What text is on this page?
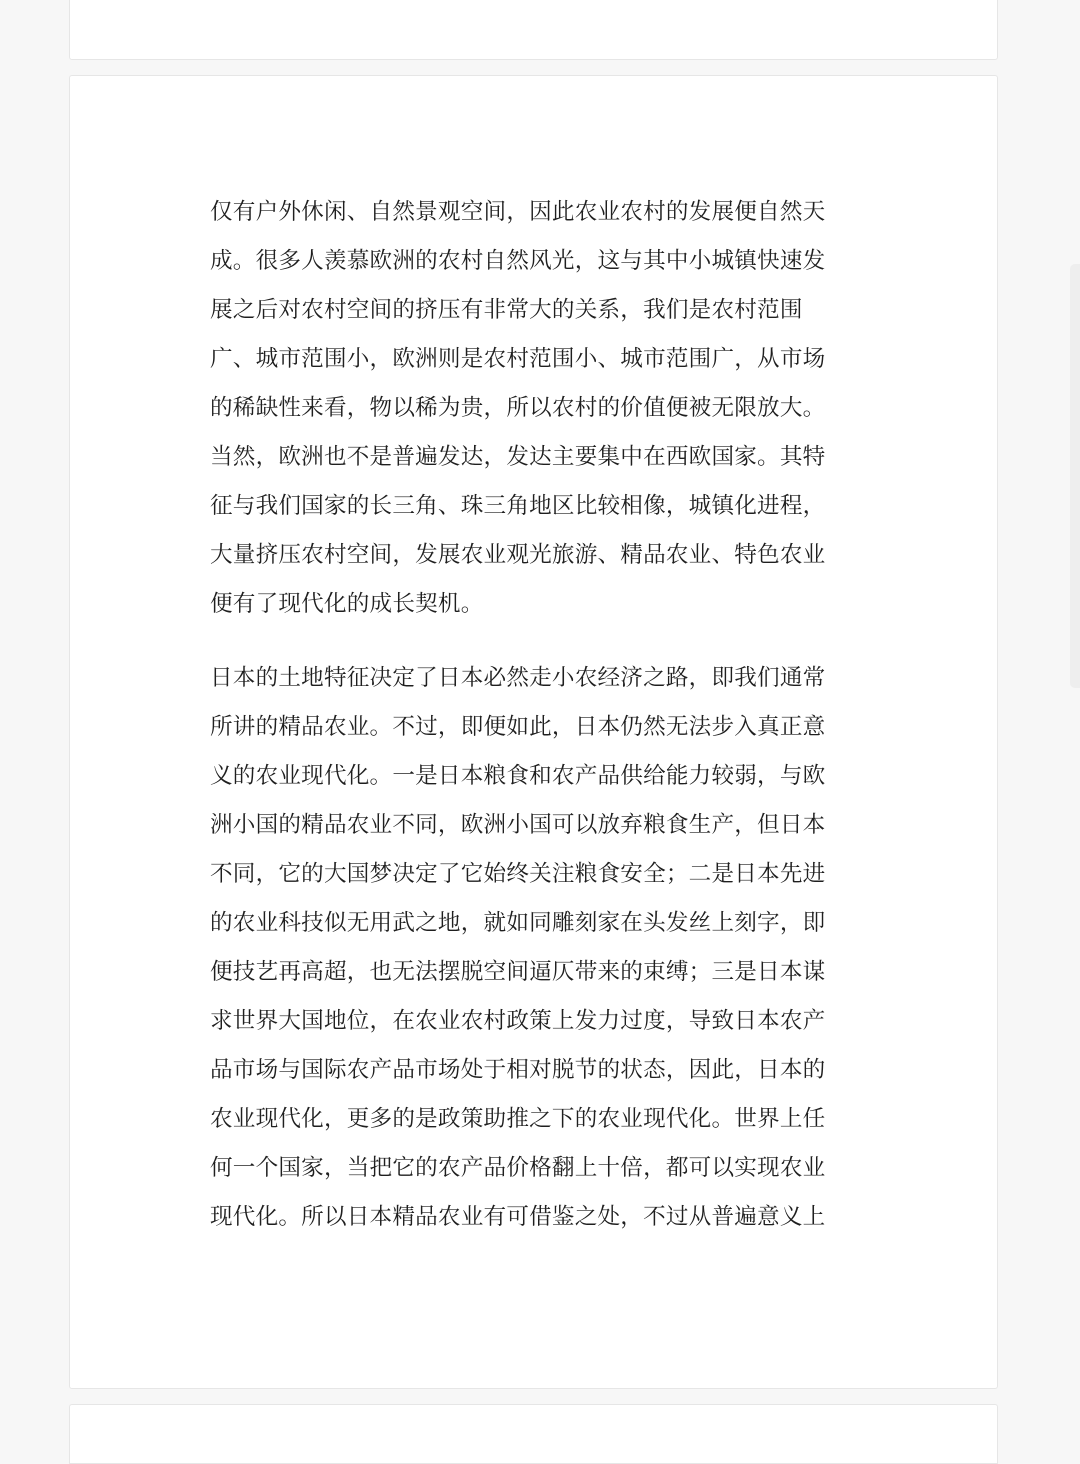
仅有户外休闲、自然景观空间，因此农业农村的发展便自然天
成。很多人羡慕欧洲的农村自然风光，这与其中小城镇快速发
展之后对农村空间的挤压有非常大的关系，我们是农村范围
广、城市范围小，欧洲则是农村范围小、城市范围广，从市场
的稀缺性来看，物以稀为贵，所以农村的价值便被无限放大。
当然，欧洲也不是普遍发达，发达主要集中在西欧国家。其特
征与我们国家的长三角、珠三角地区比较相像，城镇化进程，
大量挤压农村空间，发展农业观光旅游、精品农业、特色农业
便有了现代化的成长契机。

日本的土地特征决定了日本必然走小农经济之路，即我们通常
所讲的精品农业。不过，即便如此，日本仍然无法步入真正意
义的农业现代化。一是日本粮食和农产品供给能力较弱，与欧
洲小国的精品农业不同，欧洲小国可以放弃粮食生产，但日本
不同，它的大国梦决定了它始终关注粮食安全；二是日本先进
的农业科技似无用武之地，就如同雕刻家在头发丝上刻字，即
便技艺再高超，也无法摆脱空间逼仄带来的束缚；三是日本谋
求世界大国地位，在农业农村政策上发力过度，导致日本农产
品市场与国际农产品市场处于相对脱节的状态，因此，日本的
农业现代化，更多的是政策助推之下的农业现代化。世界上任
何一个国家，当把它的农产品价格翻上十倍，都可以实现农业
现代化。所以日本精品农业有可借鉴之处，不过从普遍意义上
